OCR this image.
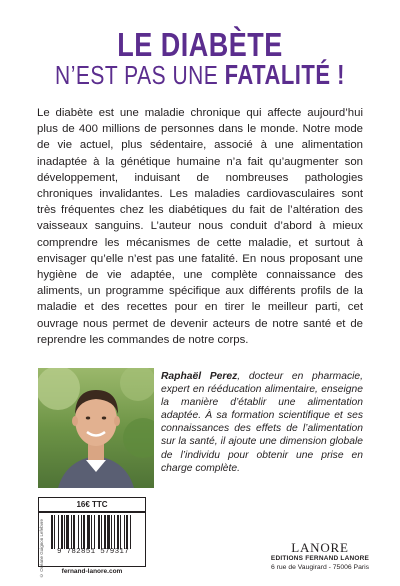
LE DIABÈTE
N’EST PAS UNE FATALITÉ !

Le diabète est une maladie chronique qui affecte aujourd’hui plus de 400 millions de personnes dans le monde. Notre mode de vie actuel, plus sédentaire, associé à une alimentation inadaptée à la génétique humaine n’a fait qu’augmenter son développement, induisant de nombreuses pathologies chroniques invalidantes. Les maladies cardiovasculaires sont très fréquentes chez les diabétiques du fait de l’altération des vaisseaux sanguins. L’auteur nous conduit d’abord à mieux comprendre les mécanismes de cette maladie, et surtout à envisager qu’elle n’est pas une fatalité. En nous proposant une hygiène de vie adaptée, une complète connaissance des aliments, un programme spécifique aux différents profils de la maladie et des recettes pour en tirer le meilleur parti, cet ouvrage nous permet de devenir acteurs de notre santé et de reprendre les commandes de notre corps.

Raphaël Perez, docteur en pharmacie, expert en rééducation alimentaire, enseigne la manière d’établir une alimentation adaptée. À sa formation scientifique et ses connaissances des effets de l’alimentation sur la santé, il ajoute une dimension globale de l’individu pour obtenir une prise en charge complète.

16€ TTC
9 782851 579317
© Océane Guignon Lefebvre	fernand-lanore.com
LANORE
EDITIONS FERNAND LANORE
6 rue de Vaugirard - 75006 Paris
